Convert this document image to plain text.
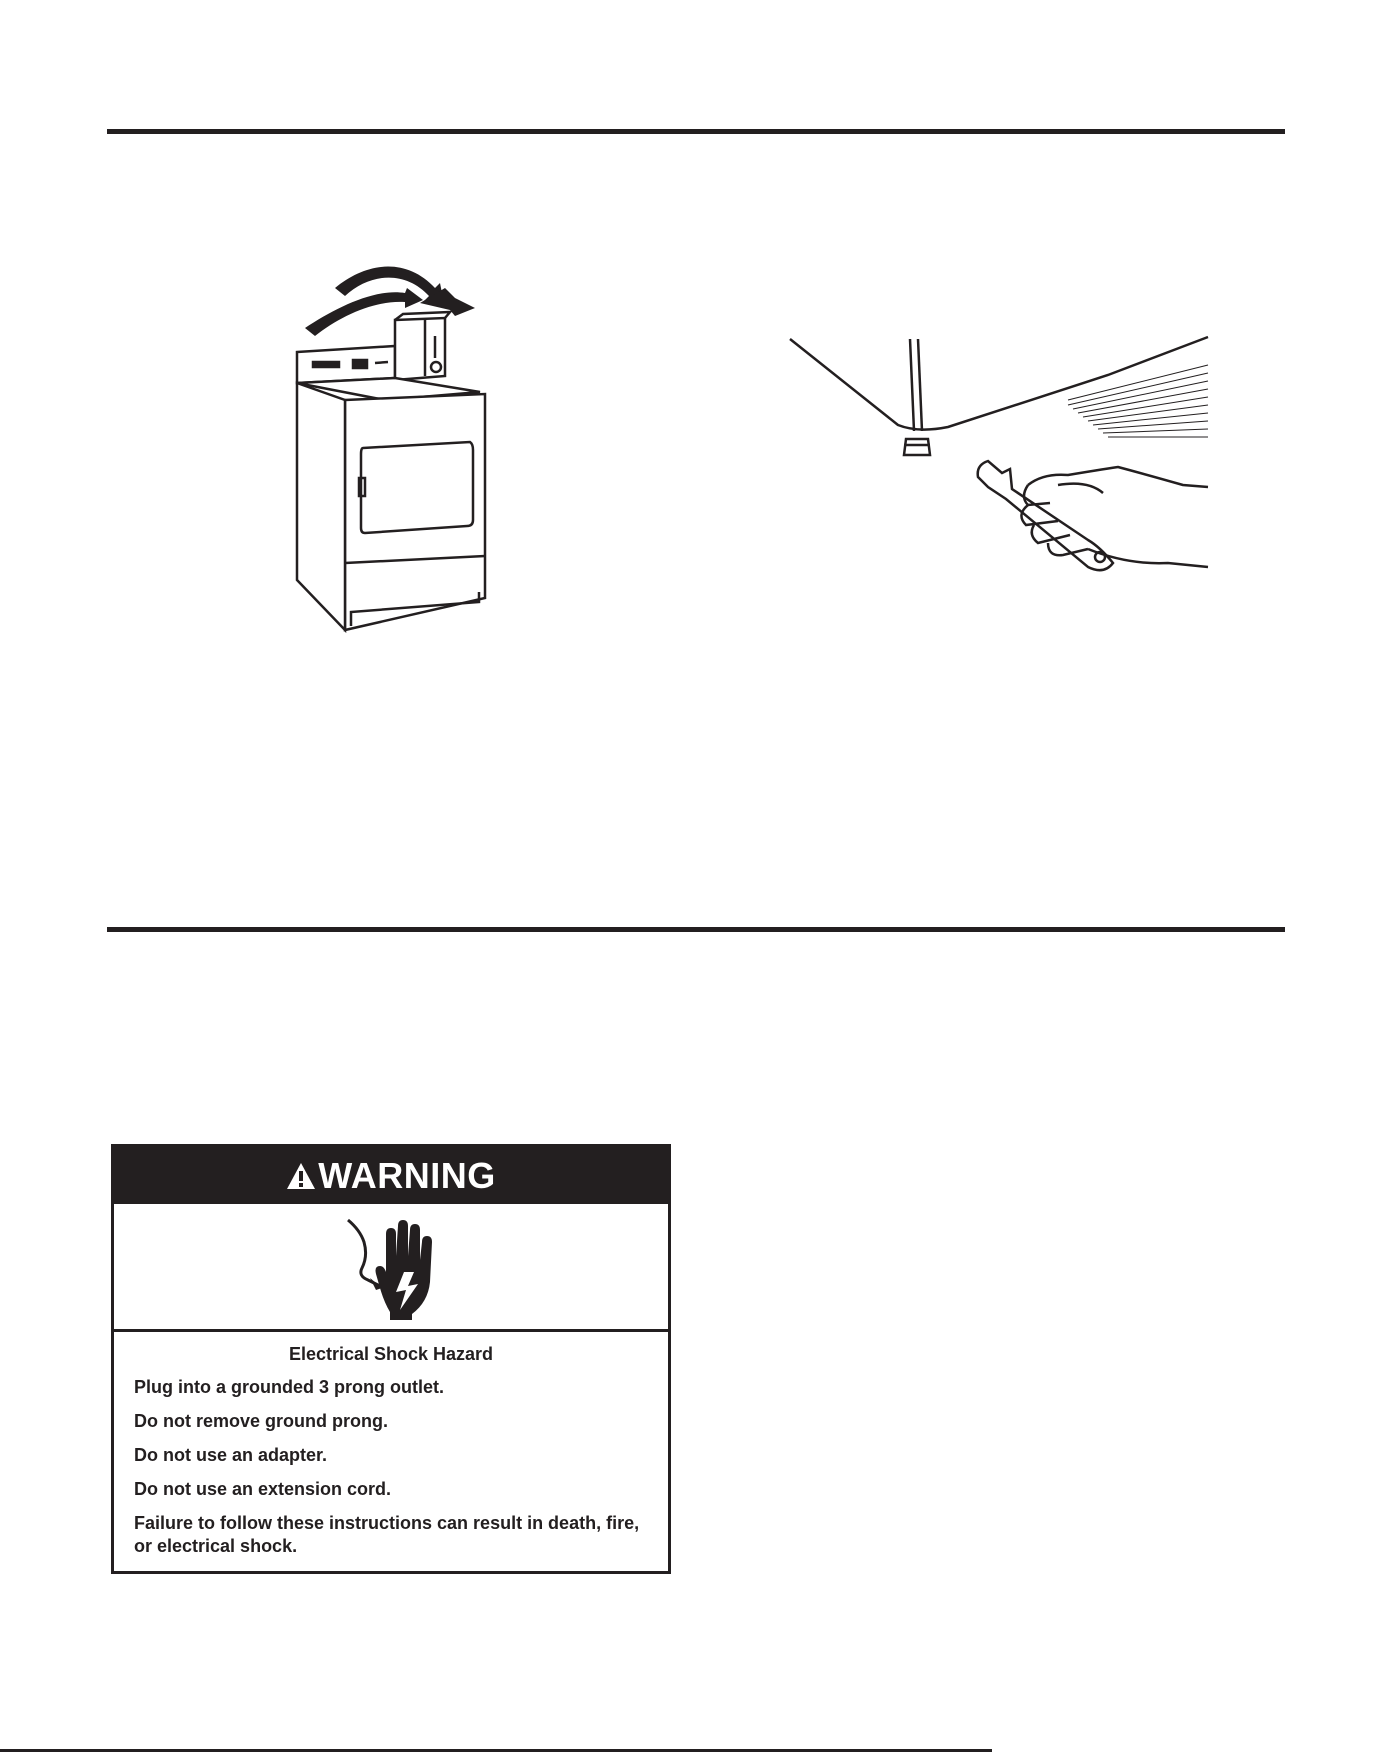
WARNING
Electrical Shock Hazard
Plug into a grounded 3 prong outlet.
Do not remove ground prong.
Do not use an adapter.
Do not use an extension cord.
Failure to follow these instructions can result in death, fire, or electrical shock.
